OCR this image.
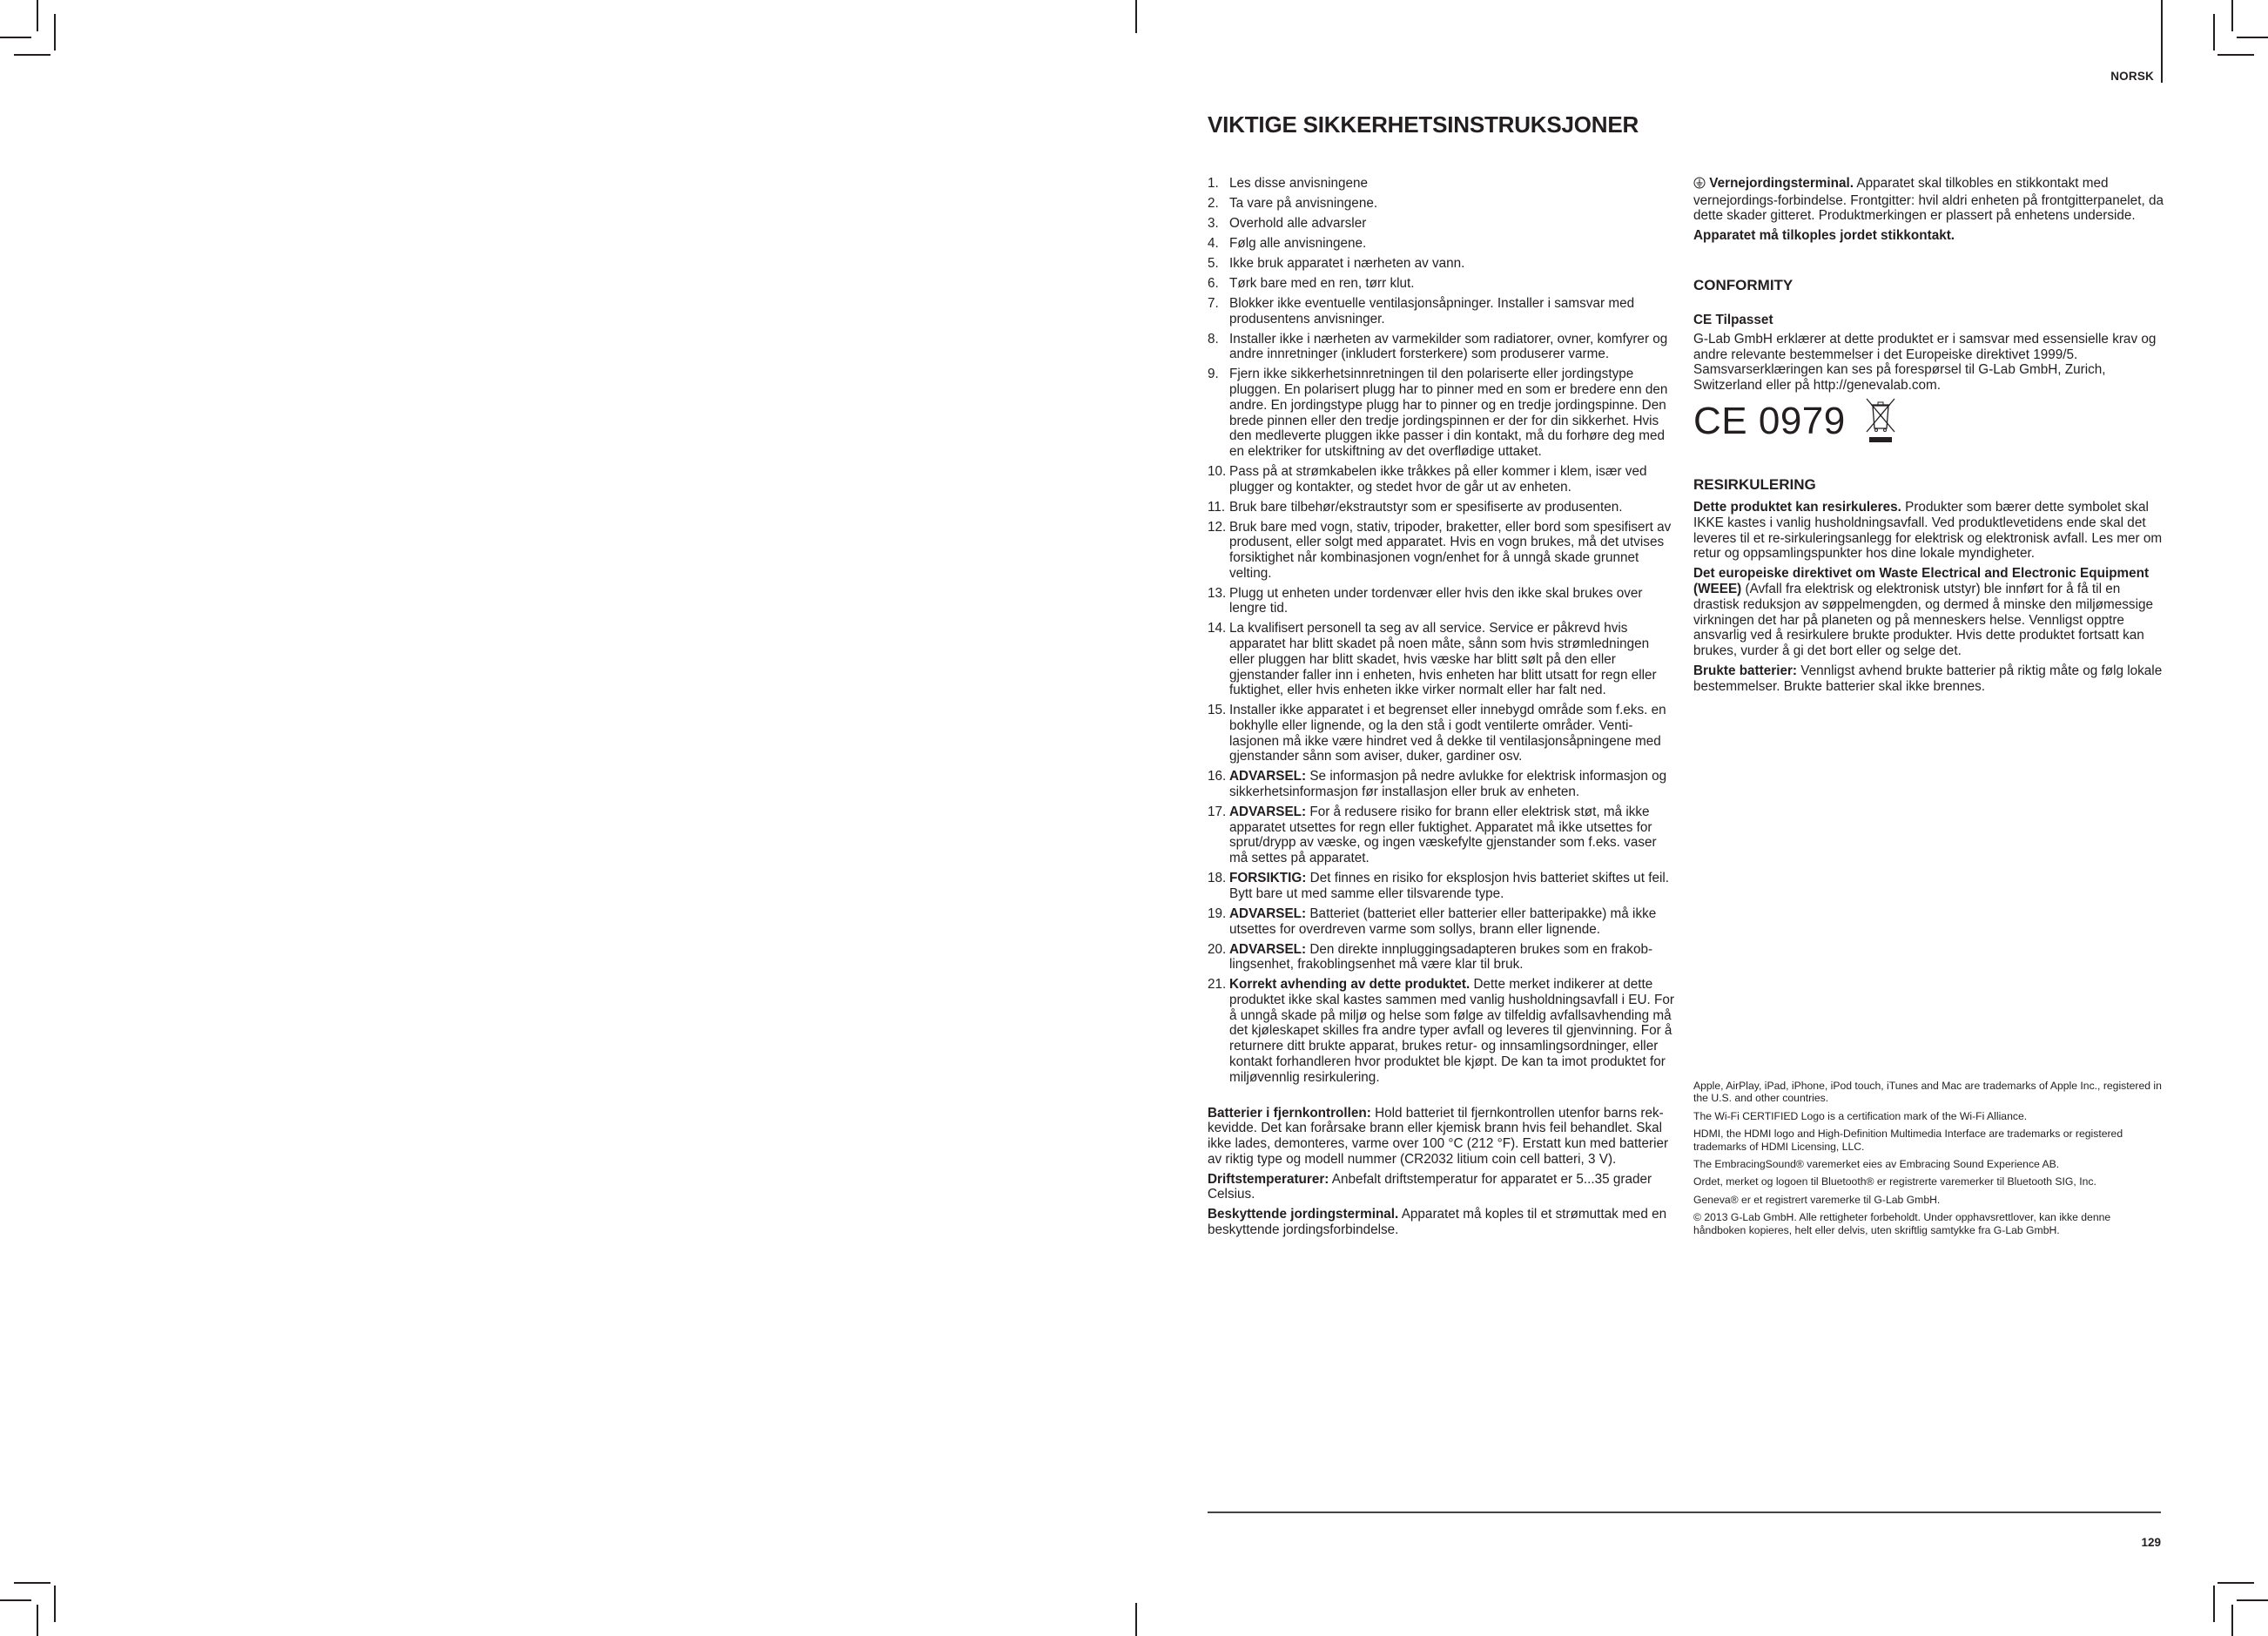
NORSK
VIKTIGE SIKKERHETSINSTRUKSJONER
1. Les disse anvisningene
2. Ta vare på anvisningene.
3. Overhold alle advarsler
4. Følg alle anvisningene.
5. Ikke bruk apparatet i nærheten av vann.
6. Tørk bare med en ren, tørr klut.
7. Blokker ikke eventuelle ventilasjonsåpninger. Installer i samsvar med produsentens anvisninger.
8. Installer ikke i nærheten av varmekilder som radiatorer, ovner, komfyrer og andre innretninger (inkludert forsterkere) som produserer varme.
9. Fjern ikke sikkerhetsinnretningen til den polariserte eller jordingstype pluggen. En polarisert plugg har to pinner med en som er bredere enn den andre. En jordingstype plugg har to pinner og en tredje jordingspinne. Den brede pinnen eller den tredje jordingspinnen er der for din sikkerhet. Hvis den medleverte pluggen ikke passer i din kontakt, må du forhøre deg med en elektriker for utskiftning av det overflødige uttaket.
10. Pass på at strømkabelen ikke tråkkes på eller kommer i klem, især ved plugger og kontakter, og stedet hvor de går ut av enheten.
11. Bruk bare tilbehør/ekstrautstyr som er spesifiserte av produsenten.
12. Bruk bare med vogn, stativ, tripoder, braketter, eller bord som spesifisert av produsent, eller solgt med apparatet. Hvis en vogn brukes, må det utvises forsiktighet når kombinasjonen vogn/enhet for å unngå skade grunnet velting.
13. Plugg ut enheten under tordenvær eller hvis den ikke skal brukes over lengre tid.
14. La kvalifisert personell ta seg av all service. Service er påkrevd hvis apparatet har blitt skadet på noen måte, sånn som hvis strømledningen eller pluggen har blitt skadet, hvis væske har blitt sølt på den eller gjenstander faller inn i enheten, hvis enheten har blitt utsatt for regn eller fuktighet, eller hvis enheten ikke virker normalt eller har falt ned.
15. Installer ikke apparatet i et begrenset eller innebygd område som f.eks. en bokhylle eller lignende, og la den stå i godt ventilerte områder. Ventilasjonen må ikke være hindret ved å dekke til ventilasjonsåpningene med gjenstander sånn som aviser, duker, gardiner osv.
16. ADVARSEL: Se informasjon på nedre avlukke for elektrisk informasjon og sikkerhetsinformasjon før installasjon eller bruk av enheten.
17. ADVARSEL: For å redusere risiko for brann eller elektrisk støt, må ikke apparatet utsettes for regn eller fuktighet. Apparatet må ikke utsettes for sprut/drypp av væske, og ingen væskefylte gjenstander som f.eks. vaser må settes på apparatet.
18. FORSIKTIG: Det finnes en risiko for eksplosjon hvis batteriet skiftes ut feil. Bytt bare ut med samme eller tilsvarende type.
19. ADVARSEL: Batteriet (batteriet eller batterier eller batteripakke) må ikke utsettes for overdreven varme som sollys, brann eller lignende.
20. ADVARSEL: Den direkte innpluggingsadapteren brukes som en frakoblingsenhet, frakoblingsenhet må være klar til bruk.
21. Korrekt avhending av dette produktet. Dette merket indikerer at dette produktet ikke skal kastes sammen med vanlig husholdningsavfall i EU. For å unngå skade på miljø og helse som følge av tilfeldig avfallsavhending må det kjøleskapet skilles fra andre typer avfall og leveres til gjenvinning. For å returnere ditt brukte apparat, brukes retur- og innsamlingsordninger, eller kontakt forhandleren hvor produktet ble kjøpt. De kan ta imot produktet for miljøvennlig resirkulering.

Batterier i fjernkontrollen: Hold batteriet til fjernkontrollen utenfor barns rekkevidde. Det kan forårsake brann eller kjemisk brann hvis feil behandlet. Skal ikke lades, demonteres, varme over 100 °C (212 °F). Erstatt kun med batterier av riktig type og modell nummer (CR2032 litium coin cell batteri, 3 V).

Driftstemperaturer: Anbefalt driftstemperatur for apparatet er 5...35 grader Celsius.

Beskyttende jordingsterminal. Apparatet må koples til et strømuttak med en beskyttende jordingsforbindelse.

Vernejordingsterminal. Apparatet skal tilkobles en stikkontakt med vernejordings-forbindelse. Frontgitter: hvil aldri enheten på frontgitterpanelet, da dette skader gitteret. Produktmerkingen er plassert på enhetens underside.

Apparatet må tilkoples jordet stikkontakt.

CONFORMITY
CE Tilpasset

G-Lab GmbH erklærer at dette produktet er i samsvar med essensielle krav og andre relevante bestemmelser i det Europeiske direktivet 1999/5. Samsvarserklæringen kan ses på forespørsel til G-Lab GmbH, Zurich, Switzerland eller på http://genevalab.com.

CE 0979
RESIRKULERING

Dette produktet kan resirkuleres. Produkter som bærer dette symbolet skal IKKE kastes i vanlig husholdningsavfall. Ved produktlevetidens ende skal det leveres til et re-sirkuleringsanlegg for elektrisk og elektronisk avfall. Les mer om retur og oppsamlingspunkter hos dine lokale myndigheter.

Det europeiske direktivet om Waste Electrical and Electronic Equipment (WEEE) (Avfall fra elektrisk og elektronisk utstyr) ble innført for å få til en drastisk reduksjon av søppelmengden, og dermed å minske den miljømessige virkningen det har på planeten og på menneskers helse. Vennligst opptre ansvarlig ved å resirkulere brukte produkter. Hvis dette produktet fortsatt kan brukes, vurder å gi det bort eller og selge det.

Brukte batterier: Vennligst avhend brukte batterier på riktig måte og følg lokale bestemmelser. Brukte batterier skal ikke brennes.

Apple, AirPlay, iPad, iPhone, iPod touch, iTunes and Mac are trademarks of Apple Inc., registered in the U.S. and other countries.

The Wi-Fi CERTIFIED Logo is a certification mark of the Wi-Fi Alliance.

HDMI, the HDMI logo and High-Definition Multimedia Interface are trademarks or registered trademarks of HDMI Licensing, LLC.

The EmbracingSound® varemerket eies av Embracing Sound Experience AB.

Ordet, merket og logoen til Bluetooth® er registrerte varemerker til Bluetooth SIG, Inc.

Geneva® er et registrert varemerke til G-Lab GmbH.

© 2013 G-Lab GmbH. Alle rettigheter forbeholdt. Under opphavsrettlover, kan ikke denne håndboken kopieres, helt eller delvis, uten skriftlig samtykke fra G-Lab GmbH.

129
